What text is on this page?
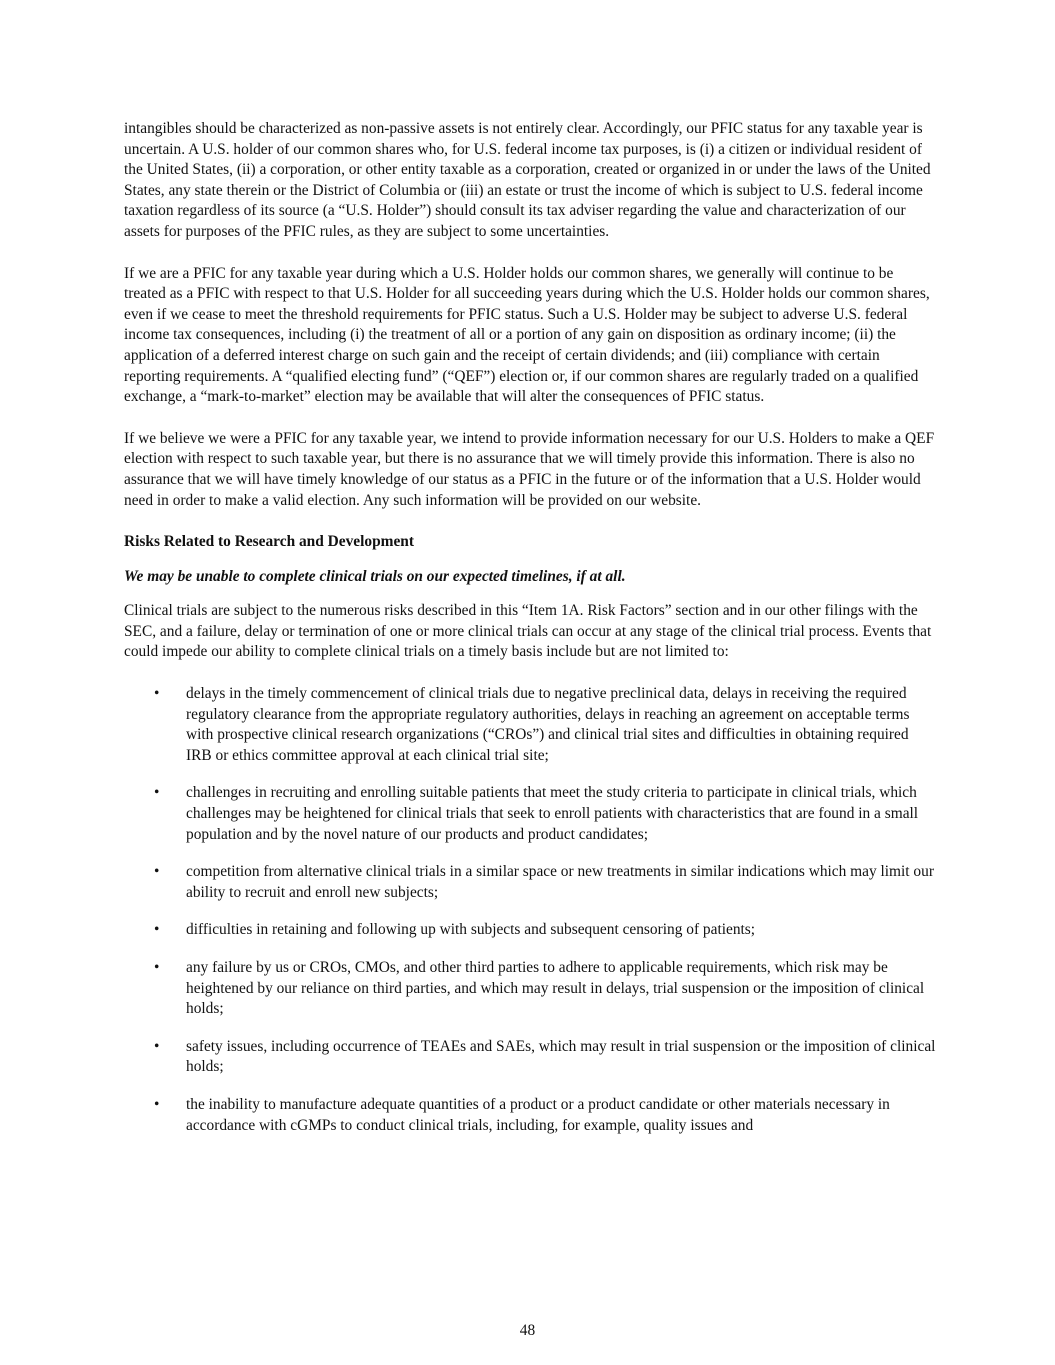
intangibles should be characterized as non-passive assets is not entirely clear. Accordingly, our PFIC status for any taxable year is uncertain. A U.S. holder of our common shares who, for U.S. federal income tax purposes, is (i) a citizen or individual resident of the United States, (ii) a corporation, or other entity taxable as a corporation, created or organized in or under the laws of the United States, any state therein or the District of Columbia or (iii) an estate or trust the income of which is subject to U.S. federal income taxation regardless of its source (a “U.S. Holder”) should consult its tax adviser regarding the value and characterization of our assets for purposes of the PFIC rules, as they are subject to some uncertainties.

If we are a PFIC for any taxable year during which a U.S. Holder holds our common shares, we generally will continue to be treated as a PFIC with respect to that U.S. Holder for all succeeding years during which the U.S. Holder holds our common shares, even if we cease to meet the threshold requirements for PFIC status. Such a U.S. Holder may be subject to adverse U.S. federal income tax consequences, including (i) the treatment of all or a portion of any gain on disposition as ordinary income; (ii) the application of a deferred interest charge on such gain and the receipt of certain dividends; and (iii) compliance with certain reporting requirements. A “qualified electing fund” (“QEF”) election or, if our common shares are regularly traded on a qualified exchange, a “mark-to-market” election may be available that will alter the consequences of PFIC status.

If we believe we were a PFIC for any taxable year, we intend to provide information necessary for our U.S. Holders to make a QEF election with respect to such taxable year, but there is no assurance that we will timely provide this information. There is also no assurance that we will have timely knowledge of our status as a PFIC in the future or of the information that a U.S. Holder would need in order to make a valid election. Any such information will be provided on our website.

Risks Related to Research and Development
We may be unable to complete clinical trials on our expected timelines, if at all.

Clinical trials are subject to the numerous risks described in this “Item 1A. Risk Factors” section and in our other filings with the SEC, and a failure, delay or termination of one or more clinical trials can occur at any stage of the clinical trial process. Events that could impede our ability to complete clinical trials on a timely basis include but are not limited to:

• delays in the timely commencement of clinical trials due to negative preclinical data, delays in receiving the required regulatory clearance from the appropriate regulatory authorities, delays in reaching an agreement on acceptable terms with prospective clinical research organizations (“CROs”) and clinical trial sites and difficulties in obtaining required IRB or ethics committee approval at each clinical trial site;
• challenges in recruiting and enrolling suitable patients that meet the study criteria to participate in clinical trials, which challenges may be heightened for clinical trials that seek to enroll patients with characteristics that are found in a small population and by the novel nature of our products and product candidates;
• competition from alternative clinical trials in a similar space or new treatments in similar indications which may limit our ability to recruit and enroll new subjects;
• difficulties in retaining and following up with subjects and subsequent censoring of patients;
• any failure by us or CROs, CMOs, and other third parties to adhere to applicable requirements, which risk may be heightened by our reliance on third parties, and which may result in delays, trial suspension or the imposition of clinical holds;
• safety issues, including occurrence of TEAEs and SAEs, which may result in trial suspension or the imposition of clinical holds;
• the inability to manufacture adequate quantities of a product or a product candidate or other materials necessary in accordance with cGMPs to conduct clinical trials, including, for example, quality issues and
48
